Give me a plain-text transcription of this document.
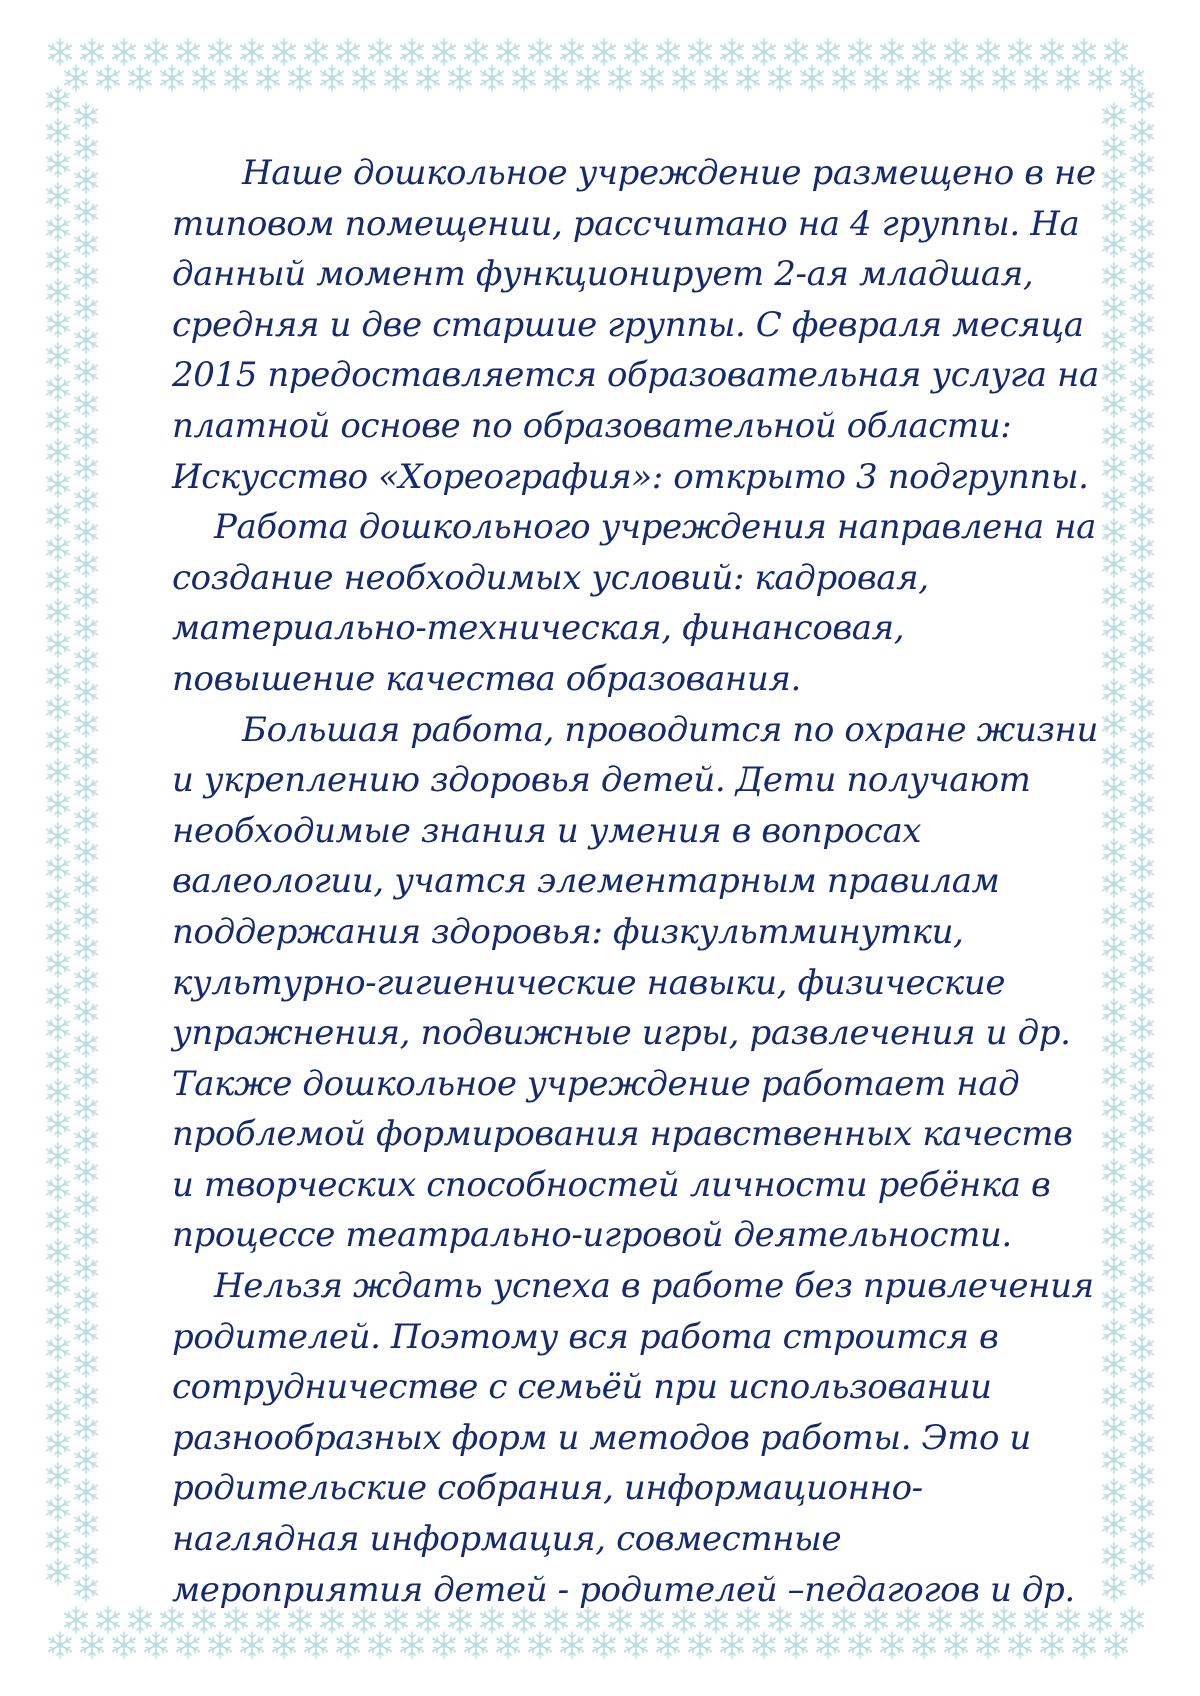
Наше дошкольное учреждение размещено в не типовом помещении, рассчитано на 4 группы. На данный момент функционирует 2-ая младшая, средняя и две старшие группы. С февраля месяца 2015 предоставляется образовательная услуга на платной основе по образовательной области: Искусство «Хореография»: открыто 3 подгруппы.

Работа дошкольного учреждения направлена на создание необходимых условий: кадровая, материально-техническая, финансовая, повышение качества образования.

Большая работа, проводится по охране жизни и укреплению здоровья детей. Дети получают необходимые знания и умения в вопросах валеологии, учатся элементарным правилам поддержания здоровья: физкультминутки, культурно-гигиенические навыки, физические упражнения, подвижные игры, развлечения и др. Также дошкольное учреждение работает над проблемой формирования нравственных качеств и творческих способностей личности ребёнка в процессе театрально-игровой деятельности.

Нельзя ждать успеха в работе без привлечения родителей. Поэтому вся работа строится в сотрудничестве с семьёй при использовании разнообразных форм и методов работы. Это и родительские собрания, информационно-наглядная информация, совместные мероприятия детей - родителей –педагогов и др.
